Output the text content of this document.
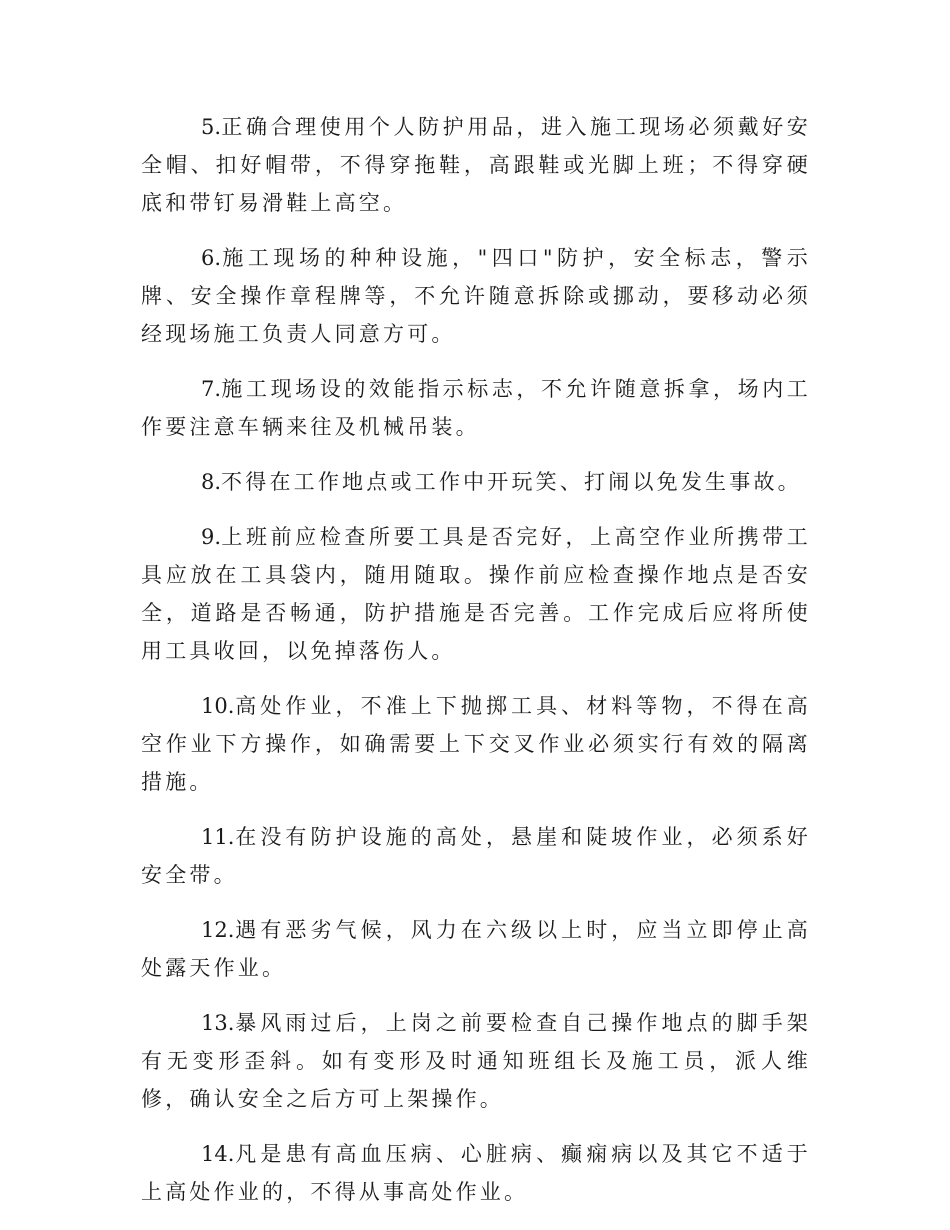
5.正确合理使用个人防护用品，进入施工现场必须戴好安全帽、扣好帽带，不得穿拖鞋，高跟鞋或光脚上班；不得穿硬底和带钉易滑鞋上高空。

6.施工现场的种种设施，"四口"防护，安全标志，警示牌、安全操作章程牌等，不允许随意拆除或挪动，要移动必须经现场施工负责人同意方可。

7.施工现场设的效能指示标志，不允许随意拆拿，场内工作要注意车辆来往及机械吊装。

8.不得在工作地点或工作中开玩笑、打闹以免发生事故。

9.上班前应检查所要工具是否完好，上高空作业所携带工具应放在工具袋内，随用随取。操作前应检查操作地点是否安全，道路是否畅通，防护措施是否完善。工作完成后应将所使用工具收回，以免掉落伤人。

10.高处作业，不准上下抛掷工具、材料等物，不得在高空作业下方操作，如确需要上下交叉作业必须实行有效的隔离措施。

11.在没有防护设施的高处，悬崖和陡坡作业，必须系好安全带。

12.遇有恶劣气候，风力在六级以上时，应当立即停止高处露天作业。

13.暴风雨过后，上岗之前要检查自己操作地点的脚手架有无变形歪斜。如有变形及时通知班组长及施工员，派人维修，确认安全之后方可上架操作。

14.凡是患有高血压病、心脏病、癫痫病以及其它不适于上高处作业的，不得从事高处作业。
